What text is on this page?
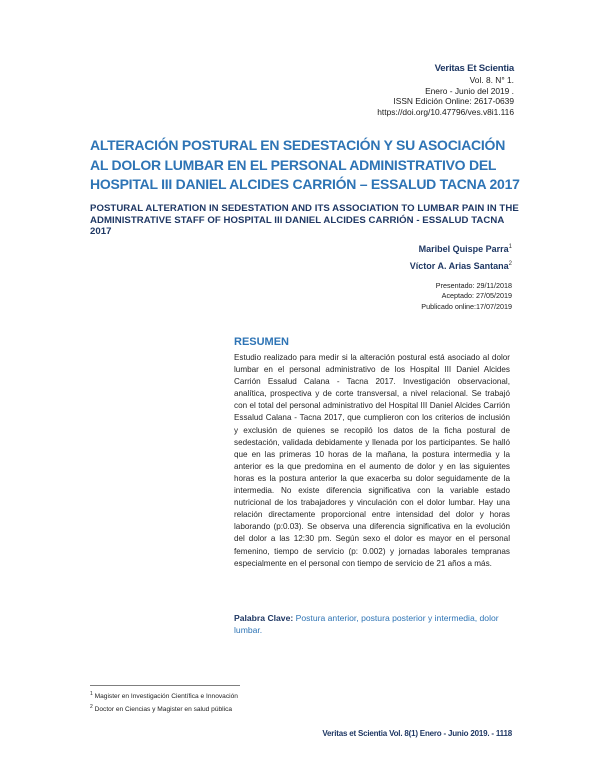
Veritas Et Scientia
Vol. 8. N° 1.
Enero - Junio del 2019 .
ISSN Edición Online: 2617-0639
https://doi.org/10.47796/ves.v8i1.116
ALTERACIÓN POSTURAL EN SEDESTACIÓN Y SU ASOCIACIÓN AL DOLOR LUMBAR EN EL PERSONAL ADMINISTRATIVO DEL HOSPITAL III DANIEL ALCIDES CARRIÓN – ESSALUD TACNA 2017
POSTURAL ALTERATION IN SEDESTATION AND ITS ASSOCIATION TO LUMBAR PAIN IN THE ADMINISTRATIVE STAFF OF HOSPITAL III DANIEL ALCIDES CARRIÓN - ESSALUD TACNA 2017
Maribel Quispe Parra$^1$
Víctor A. Arias Santana$^2$
Presentado: 29/11/2018
Aceptado: 27/05/2019
Publicado online:17/07/2019
RESUMEN

Estudio realizado para medir si la alteración postural está asociado al dolor lumbar en el personal administrativo de los Hospital III Daniel Alcides Carrión Essalud Calana - Tacna 2017. Investigación observacional, analítica, prospectiva y de corte transversal, a nivel relacional. Se trabajó con el total del personal administrativo del Hospital III Daniel Alcides Carrión Essalud Calana - Tacna 2017, que cumplieron con los criterios de inclusión y exclusión de quienes se recopiló los datos de la ficha postural de sedestación, validada debidamente y llenada por los participantes. Se halló que en las primeras 10 horas de la mañana, la postura intermedia y la anterior es la que predomina en el aumento de dolor y en las siguientes horas es la postura anterior la que exacerba su dolor seguidamente de la intermedia. No existe diferencia significativa con la variable estado nutricional de los trabajadores y vinculación con el dolor lumbar. Hay una relación directamente proporcional entre intensidad del dolor y horas laborando (p:0.03). Se observa una diferencia significativa en la evolución del dolor a las 12:30 pm. Según sexo el dolor es mayor en el personal femenino, tiempo de servicio (p: 0.002) y jornadas laborales tempranas especialmente en el personal con tiempo de servicio de 21 años a más.

Palabra Clave: Postura anterior, postura posterior y intermedia, dolor lumbar.

$^1$ Magister en Investigación Científica e Innovación
$^2$ Doctor en Ciencias y Magister en salud pública
Veritas et Scientia Vol. 8(1) Enero - Junio 2019. - 1118
